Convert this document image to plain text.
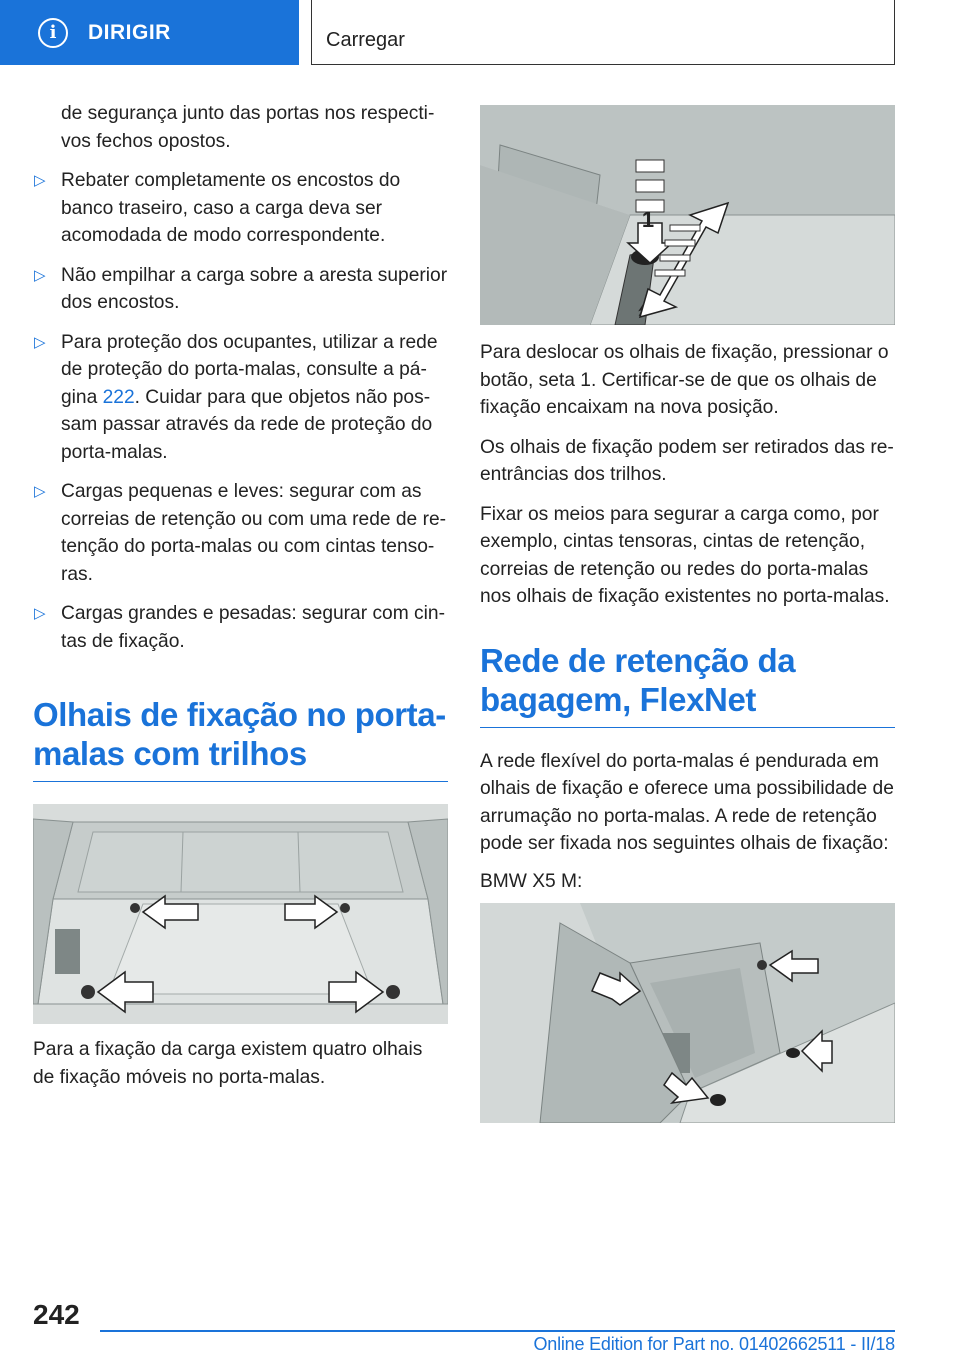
i	DIRIGIR	Carregar
de segurança junto das portas nos respectivos fechos opostos.
▷ Rebater completamente os encostos do banco traseiro, caso a carga deva ser acomodada de modo correspondente.
▷ Não empilhar a carga sobre a aresta superior dos encostos.
▷ Para proteção dos ocupantes, utilizar a rede de proteção do porta-malas, consulte a página 222. Cuidar para que objetos não possam passar através da rede de proteção do porta-malas.
▷ Cargas pequenas e leves: segurar com as correias de retenção ou com uma rede de retenção do porta-malas ou com cintas tensoras.
▷ Cargas grandes e pesadas: segurar com cintas de fixação.
Olhais de fixação no porta-malas com trilhos
Para a fixação da carga existem quatro olhais de fixação móveis no porta-malas.
1
Para deslocar os olhais de fixação, pressionar o botão, seta 1. Certificar-se de que os olhais de fixação encaixam na nova posição.
Os olhais de fixação podem ser retirados das reentrâncias dos trilhos.
Fixar os meios para segurar a carga como, por exemplo, cintas tensoras, cintas de retenção, correias de retenção ou redes do porta-malas nos olhais de fixação existentes no porta-malas.
Rede de retenção da bagagem, FlexNet
A rede flexível do porta-malas é pendurada em olhais de fixação e oferece uma possibilidade de arrumação no porta-malas. A rede de retenção pode ser fixada nos seguintes olhais de fixação:
BMW X5 M:
242
Online Edition for Part no. 01402662511 - II/18
